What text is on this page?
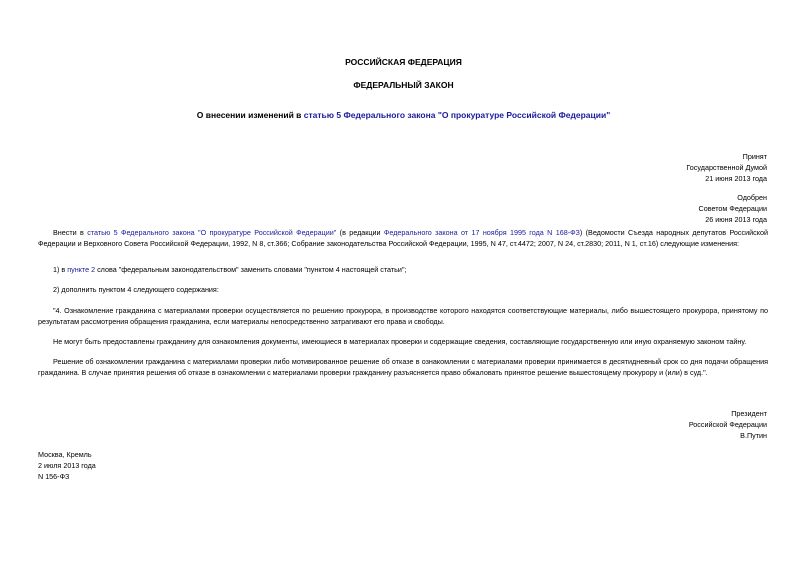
РОССИЙСКАЯ ФЕДЕРАЦИЯ
ФЕДЕРАЛЬНЫЙ ЗАКОН
О внесении изменений в статью 5 Федерального закона "О прокуратуре Российской Федерации"
Принят
Государственной Думой
21 июня 2013 года
Одобрен
Советом Федерации
26 июня 2013 года
Внести в статью 5 Федерального закона "О прокуратуре Российской Федерации" (в редакции Федерального закона от 17 ноября 1995 года N 168-ФЗ) (Ведомости Съезда народных депутатов Российской Федерации и Верховного Совета Российской Федерации, 1992, N 8, ст.366; Собрание законодательства Российской Федерации, 1995, N 47, ст.4472; 2007, N 24, ст.2830; 2011, N 1, ст.16) следующие изменения:
1) в пункте 2 слова "федеральным законодательством" заменить словами "пунктом 4 настоящей статьи";
2) дополнить пунктом 4 следующего содержания:
"4. Ознакомление гражданина с материалами проверки осуществляется по решению прокурора, в производстве которого находятся соответствующие материалы, либо вышестоящего прокурора, принятому по результатам рассмотрения обращения гражданина, если материалы непосредственно затрагивают его права и свободы.
Не могут быть предоставлены гражданину для ознакомления документы, имеющиеся в материалах проверки и содержащие сведения, составляющие государственную или иную охраняемую законом тайну.
Решение об ознакомлении гражданина с материалами проверки либо мотивированное решение об отказе в ознакомлении с материалами проверки принимается в десятидневный срок со дня подачи обращения гражданина. В случае принятия решения об отказе в ознакомлении с материалами проверки гражданину разъясняется право обжаловать принятое решение вышестоящему прокурору и (или) в суд.".
Президент
Российской Федерации
В.Путин
Москва, Кремль
2 июля 2013 года
N 156-ФЗ
